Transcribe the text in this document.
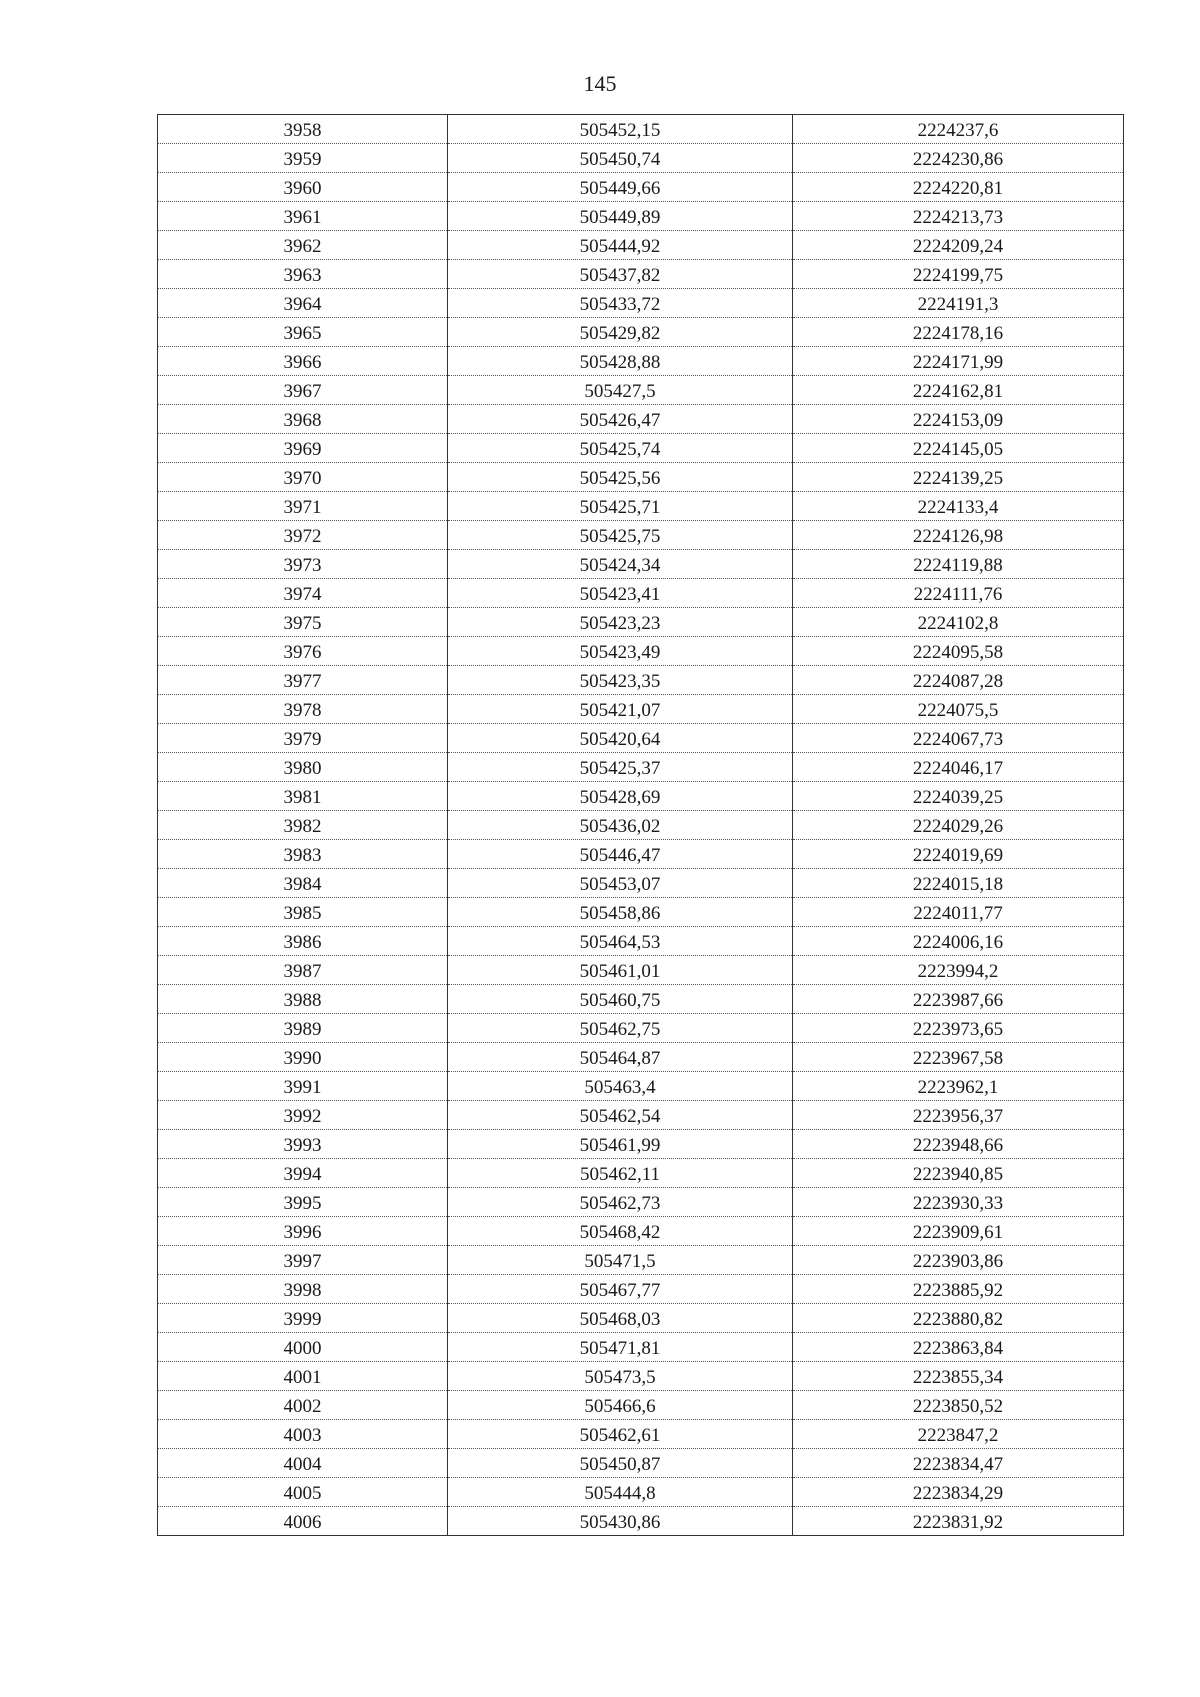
145
3958	505452,15	2224237,6
3959	505450,74	2224230,86
3960	505449,66	2224220,81
3961	505449,89	2224213,73
3962	505444,92	2224209,24
3963	505437,82	2224199,75
3964	505433,72	2224191,3
3965	505429,82	2224178,16
3966	505428,88	2224171,99
3967	505427,5	2224162,81
3968	505426,47	2224153,09
3969	505425,74	2224145,05
3970	505425,56	2224139,25
3971	505425,71	2224133,4
3972	505425,75	2224126,98
3973	505424,34	2224119,88
3974	505423,41	2224111,76
3975	505423,23	2224102,8
3976	505423,49	2224095,58
3977	505423,35	2224087,28
3978	505421,07	2224075,5
3979	505420,64	2224067,73
3980	505425,37	2224046,17
3981	505428,69	2224039,25
3982	505436,02	2224029,26
3983	505446,47	2224019,69
3984	505453,07	2224015,18
3985	505458,86	2224011,77
3986	505464,53	2224006,16
3987	505461,01	2223994,2
3988	505460,75	2223987,66
3989	505462,75	2223973,65
3990	505464,87	2223967,58
3991	505463,4	2223962,1
3992	505462,54	2223956,37
3993	505461,99	2223948,66
3994	505462,11	2223940,85
3995	505462,73	2223930,33
3996	505468,42	2223909,61
3997	505471,5	2223903,86
3998	505467,77	2223885,92
3999	505468,03	2223880,82
4000	505471,81	2223863,84
4001	505473,5	2223855,34
4002	505466,6	2223850,52
4003	505462,61	2223847,2
4004	505450,87	2223834,47
4005	505444,8	2223834,29
4006	505430,86	2223831,92
